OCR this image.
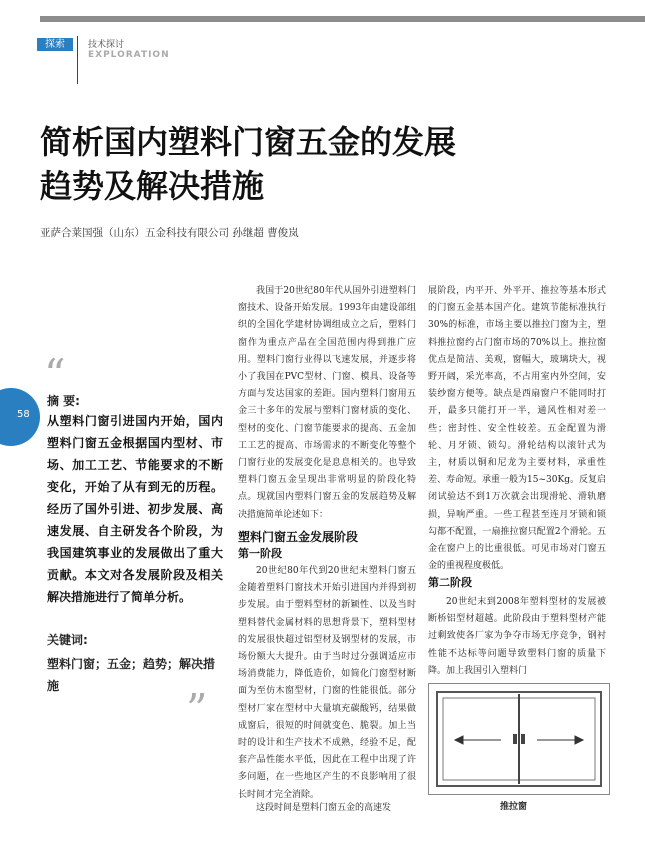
探索	技术探讨
EXPLORATION
简析国内塑料门窗五金的发展
趋势及解决措施
亚萨合莱国强（山东）五金科技有限公司 孙继超 曹俊岚
58
“
摘 要:
从塑料门窗引进国内开始，国内塑料门窗五金根据国内型材、市场、加工工艺、节能要求的不断变化，开始了从有到无的历程。经历了国外引进、初步发展、高速发展、自主研发各个阶段，为我国建筑事业的发展做出了重大贡献。本文对各发展阶段及相关解决措施进行了简单分析。
关键词:
塑料门窗；五金；趋势；解决措施	”

我国于20世纪80年代从国外引进塑料门窗技术、设备开始发展。1993年由建设部组织的全国化学建材协调组成立之后，塑料门窗作为重点产品在全国范围内得到推广应用。塑料门窗行业得以飞速发展，并逐步将小了我国在PVC型材、门窗、模具、设备等方面与发达国家的差距。国内塑料门窗用五金三十多年的发展与塑料门窗材质的变化、型材的变化、门窗节能要求的提高、五金加工工艺的提高、市场需求的不断变化等整个门窗行业的发展变化是息息相关的。也导致塑料门窗五金呈现出非常明显的阶段化特点。现就国内塑料门窗五金的发展趋势及解决措施简单论述如下：

塑料门窗五金发展阶段
第一阶段

20世纪80年代到20世纪末塑料门窗五金随着塑料门窗技术开始引进国内并得到初步发展。由于塑料型材的新颖性、以及当时塑料替代金属材料的思想背景下，塑料型材的发展很快超过铝型材及钢型材的发展，市场份额大大提升。由于当时过分强调适应市场消费能力，降低造价，如简化门窗型材断面为至仿木窗型材，门窗的性能很低。部分型材厂家在型材中大量填充碳酸钙，结果做成窗后，很短的时间就变色、脆裂。加上当时的设计和生产技术不成熟，经验不足，配套产品性能水平低，因此在工程中出现了许多问题，在一些地区产生的不良影响用了很长时间才完全消除。

这段时间是塑料门窗五金的高速发

展阶段，内平开、外平开、推拉等基本形式的门窗五金基本国产化。建筑节能标准执行30%的标准，市场主要以推拉门窗为主，塑料推拉窗约占门窗市场的70%以上。推拉窗优点是简洁、美观，窗幅大，玻璃块大，视野开阔，采光率高，不占用室内外空间，安装纱窗方便等。缺点是西扇窗户不能同时打开，最多只能打开一半，通风性相对差一些；密封性、安全性较差。五金配置为滑轮、月牙锁、锁勾。滑轮结构以滚针式为主，材质以铜和尼龙为主要材料，承重性差、寿命短。承重一般为15~30Kg。反复启闭试验达不到1万次就会出现滑轮、滑轨磨损，异响严重。一些工程甚至连月牙锁和锁勾都不配置，一扇推拉窗只配置2个滑轮。五金在窗户上的比重很低。可见市场对门窗五金的重视程度极低。

第二阶段

20世纪末到2008年塑料型材的发展被断桥铝型材超越。此阶段由于塑料型材产能过剩致使各厂家为争夺市场无序竞争，钢衬性能不达标等问题导致塑料门窗的质量下降。加上我国引入塑料门

推拉窗
